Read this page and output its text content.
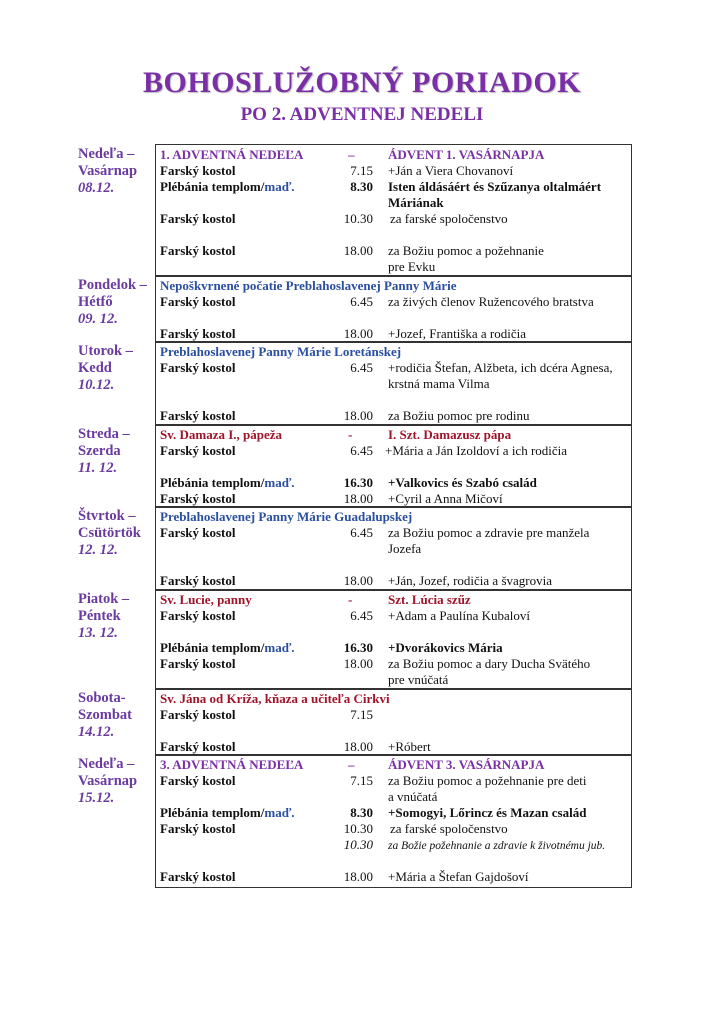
BOHOSLUŽOBNÝ PORIADOK
PO 2. ADVENTNEJ NEDELI
Nedeľa – Vasárnap
08.12.
1. ADVENTNÁ NEDEĽA	–	ÁDVENT 1. VASÁRNAPJA
Farský kostol	7.15 +Ján a Viera Chovanoví
Plébánia templom/maď.	8.30 Isten áldásáért és Szűzanya oltalmáért
Máriának
Farský kostol	10.30 za farské spoločenstvo
Farský kostol	18.00 za Božiu pomoc a požehnanie
pre Evku
Pondelok – Hétfő
09. 12.
Nepoškvrnené počatie Preblahoslavenej Panny Márie
Farský kostol	6.45 za živých členov Ružencového bratstva
Farský kostol	18.00 +Jozef, Františka a rodičia
Utorok – Kedd
10.12.
Preblahoslavenej Panny Márie Loretánskej
Farský kostol	6.45 +rodičia Štefan, Alžbeta, ich dcéra Agnesa,
krstná mama Vilma
Farský kostol	18.00 za Božiu pomoc pre rodinu
Streda – Szerda
11. 12.
Sv. Damaza I., pápeža	-	I. Szt. Damazusz pápa
Farský kostol	6.45 +Mária a Ján Izoldoví a ich rodičia
Plébánia templom/maď.	16.30 +Valkovics és Szabó család
Farský kostol	18.00 +Cyril a Anna Mičoví
Štvrtok – Csütörtök
12. 12.
Preblahoslavenej Panny Márie Guadalupskej
Farský kostol	6.45 za Božiu pomoc a zdravie pre manžela
Jozefa
Farský kostol	18.00 +Ján, Jozef, rodičia a švagrovia
Piatok – Péntek
13. 12.
Sv. Lucie, panny	-	Szt. Lúcia szűz
Farský kostol	6.45 +Adam a Paulína Kubaloví
Plébánia templom/maď.	16.30 +Dvorákovics Mária
Farský kostol	18.00 za Božiu pomoc a dary Ducha Svätého
pre vnúčatá
Sobota- Szombat
14.12.
Sv. Jána od Kríža, kňaza a učiteľa Cirkvi
Farský kostol	7.15
Farský kostol	18.00 +Róbert
Nedeľa – Vasárnap
15.12.
3. ADVENTNÁ NEDEĽA	–	ÁDVENT 3. VASÁRNAPJA
Farský kostol	7.15 za Božiu pomoc a požehnanie pre deti
a vnúčatá
Plébánia templom/maď.	8.30 +Somogyi, Lőrincz és Mazan család
Farský kostol	10.30 za farské spoločenstvo
10.30 za Božie požehnanie a zdravie k životnému jub.
Farský kostol	18.00 +Mária a Štefan Gajdošoví
